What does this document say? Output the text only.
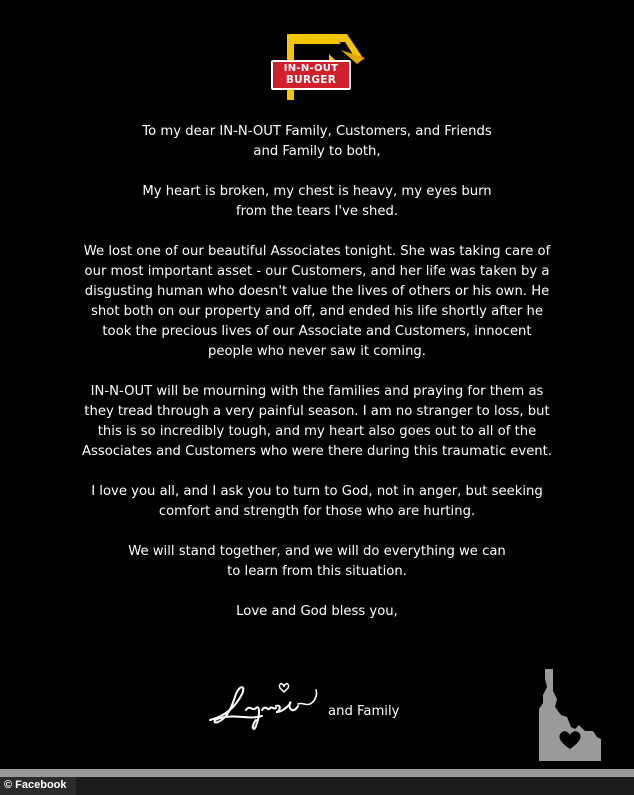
IN-N-OUT
BURGER
To my dear IN-N-OUT Family, Customers, and Friends
and Family to both,
My heart is broken, my chest is heavy, my eyes burn
from the tears I've shed.
We lost one of our beautiful Associates tonight. She was taking care of
our most important asset - our Customers, and her life was taken by a
disgusting human who doesn't value the lives of others or his own. He
shot both on our property and off, and ended his life shortly after he
took the precious lives of our Associate and Customers, innocent
people who never saw it coming.
IN-N-OUT will be mourning with the families and praying for them as
they tread through a very painful season. I am no stranger to loss, but
this is so incredibly tough, and my heart also goes out to all of the
Associates and Customers who were there during this traumatic event.
I love you all, and I ask you to turn to God, not in anger, but seeking
comfort and strength for those who are hurting.
We will stand together, and we will do everything we can
to learn from this situation.
Love and God bless you,
and Family
© Facebook
